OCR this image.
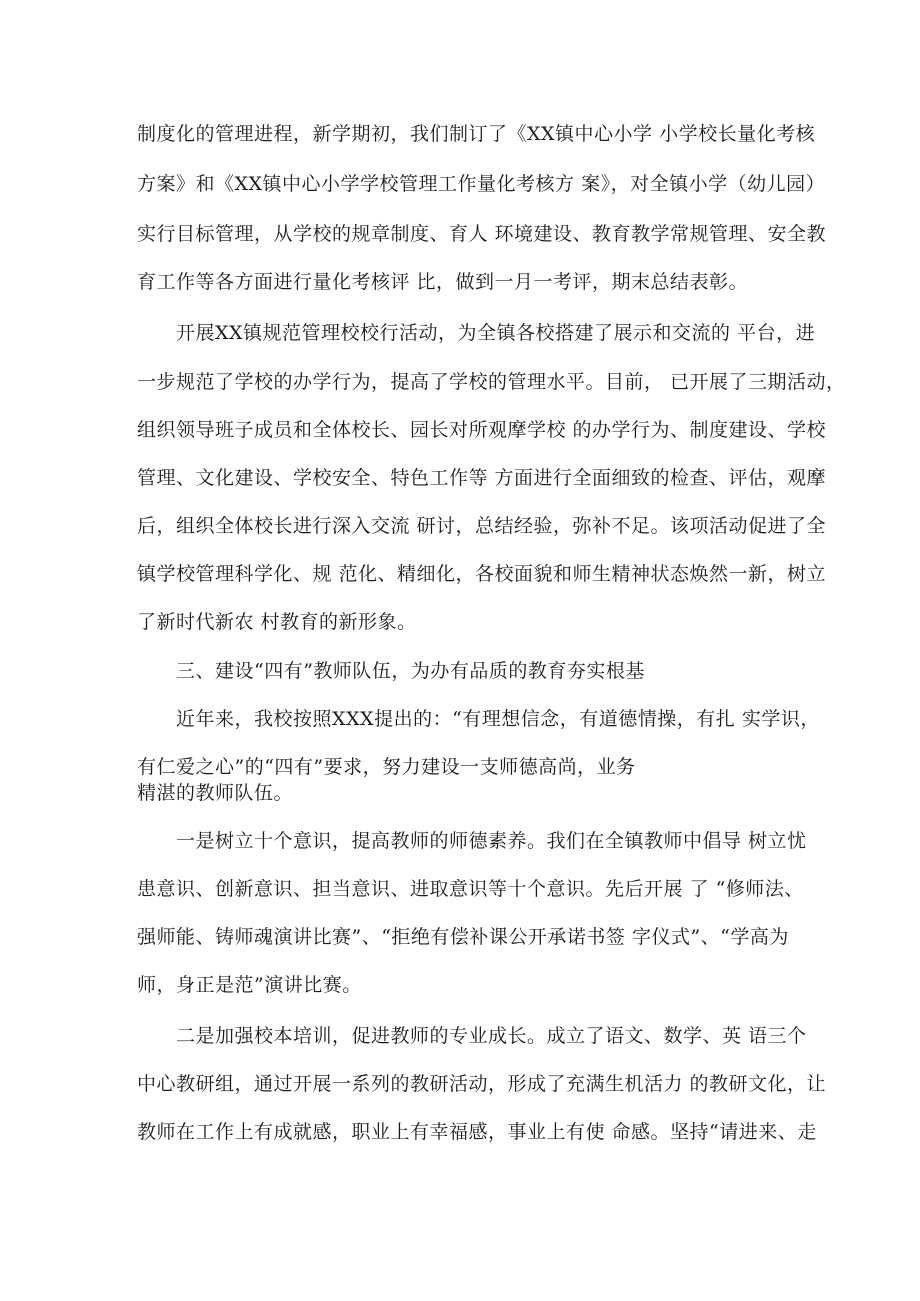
制度化的管理进程，新学期初，我们制订了《XX镇中心小学 小学校长量化考核
方案》和《XX镇中心小学学校管理工作量化考核方 案》，对全镇小学（幼儿园）
实行目标管理，从学校的规章制度、育人 环境建设、教育教学常规管理、安全教
育工作等各方面进行量化考核评 比，做到一月一考评，期末总结表彰。
开展XX镇规范管理校校行活动，为全镇各校搭建了展示和交流的 平台，进
一步规范了学校的办学行为，提高了学校的管理水平。目前， 已开展了三期活动，
组织领导班子成员和全体校长、园长对所观摩学校 的办学行为、制度建设、学校
管理、文化建设、学校安全、特色工作等 方面进行全面细致的检查、评估，观摩
后，组织全体校长进行深入交流 研讨，总结经验，弥补不足。该项活动促进了全
镇学校管理科学化、规 范化、精细化，各校面貌和师生精神状态焕然一新，树立
了新时代新农 村教育的新形象。
三、建设“四有”教师队伍，为办有品质的教育夯实根基
近年来，我校按照XXX提出的：“有理想信念，有道德情操，有扎 实学识，
有仁爱之心”的“四有”要求，努力建设一支师德高尚，业务
精湛的教师队伍。
一是树立十个意识，提高教师的师德素养。我们在全镇教师中倡导 树立忧
患意识、创新意识、担当意识、进取意识等十个意识。先后开展 了 “修师法、
强师能、铸师魂演讲比赛”、“拒绝有偿补课公开承诺书签 字仪式”、“学高为
师，身正是范”演讲比赛。
二是加强校本培训，促进教师的专业成长。成立了语文、数学、英 语三个
中心教研组，通过开展一系列的教研活动，形成了充满生机活力 的教研文化，让
教师在工作上有成就感，职业上有幸福感，事业上有使 命感。坚持“请进来、走
